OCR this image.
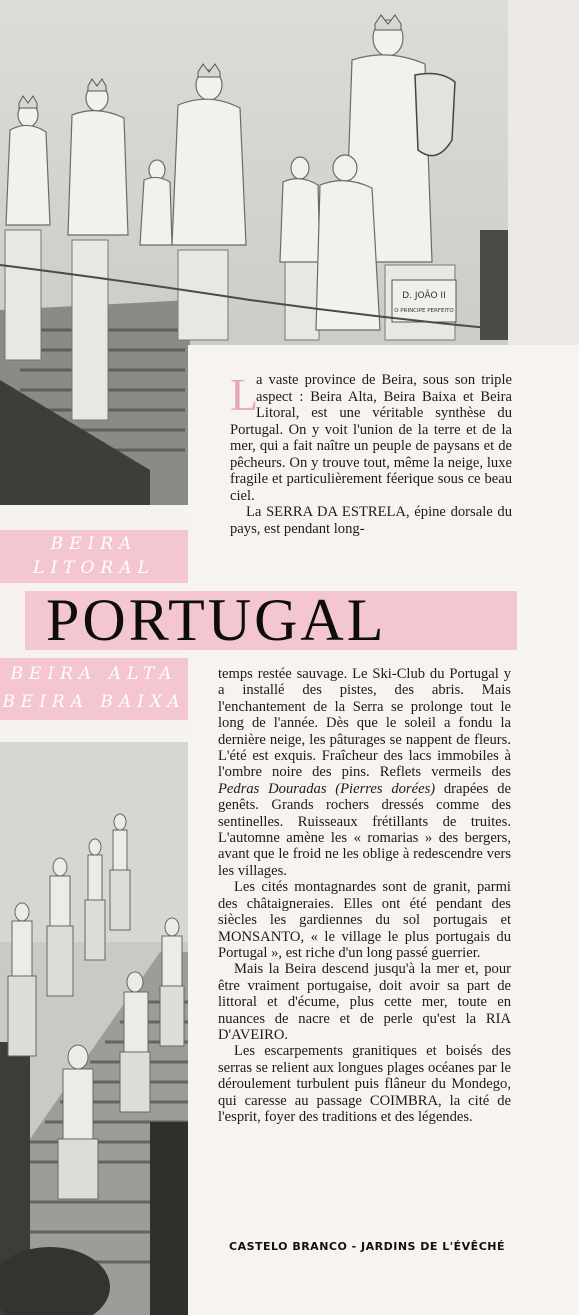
D. JOÃO II
O PRINCIPE PERFEITO
BEIRA
LITORAL
BEIRA ALTA
BEIRA BAIXA
PORTUGAL
L

a vaste province de Beira, sous son triple aspect : Beira Alta, Beira Baixa et Beira Litoral, est une véritable synthèse du Portugal. On y voit l'union de la terre et de la mer, qui a fait naître un peuple de paysans et de pêcheurs. On y trouve tout, même la neige, luxe fragile et particulièrement féerique sous ce beau ciel.

La SERRA DA ESTRELA, épine dorsale du pays, est pendant long-

temps restée sauvage. Le Ski-Club du Portugal y a installé des pistes, des abris. Mais l'enchantement de la Serra se prolonge tout le long de l'année. Dès que le soleil a fondu la dernière neige, les pâturages se nappent de fleurs. L'été est exquis. Fraîcheur des lacs immobiles à l'ombre noire des pins. Reflets vermeils des Pedras Douradas (Pierres dorées) drapées de genêts. Grands rochers dressés comme des sentinelles. Ruisseaux frétillants de truites. L'automne amène les « romarias » des bergers, avant que le froid ne les oblige à redescendre vers les villages.

Les cités montagnardes sont de granit, parmi des châtaigneraies. Elles ont été pendant des siècles les gardiennes du sol portugais et MONSANTO, « le village le plus portugais du Portugal », est riche d'un long passé guerrier.

Mais la Beira descend jusqu'à la mer et, pour être vraiment portugaise, doit avoir sa part de littoral et d'écume, plus cette mer, toute en nuances de nacre et de perle qu'est la RIA D'AVEIRO.

Les escarpements granitiques et boisés des serras se relient aux longues plages océanes par le déroulement turbulent puis flâneur du Mondego, qui caresse au passage COIMBRA, la cité de l'esprit, foyer des traditions et des légendes.

CASTELO BRANCO - JARDINS DE L'ÉVÊCHÉ
